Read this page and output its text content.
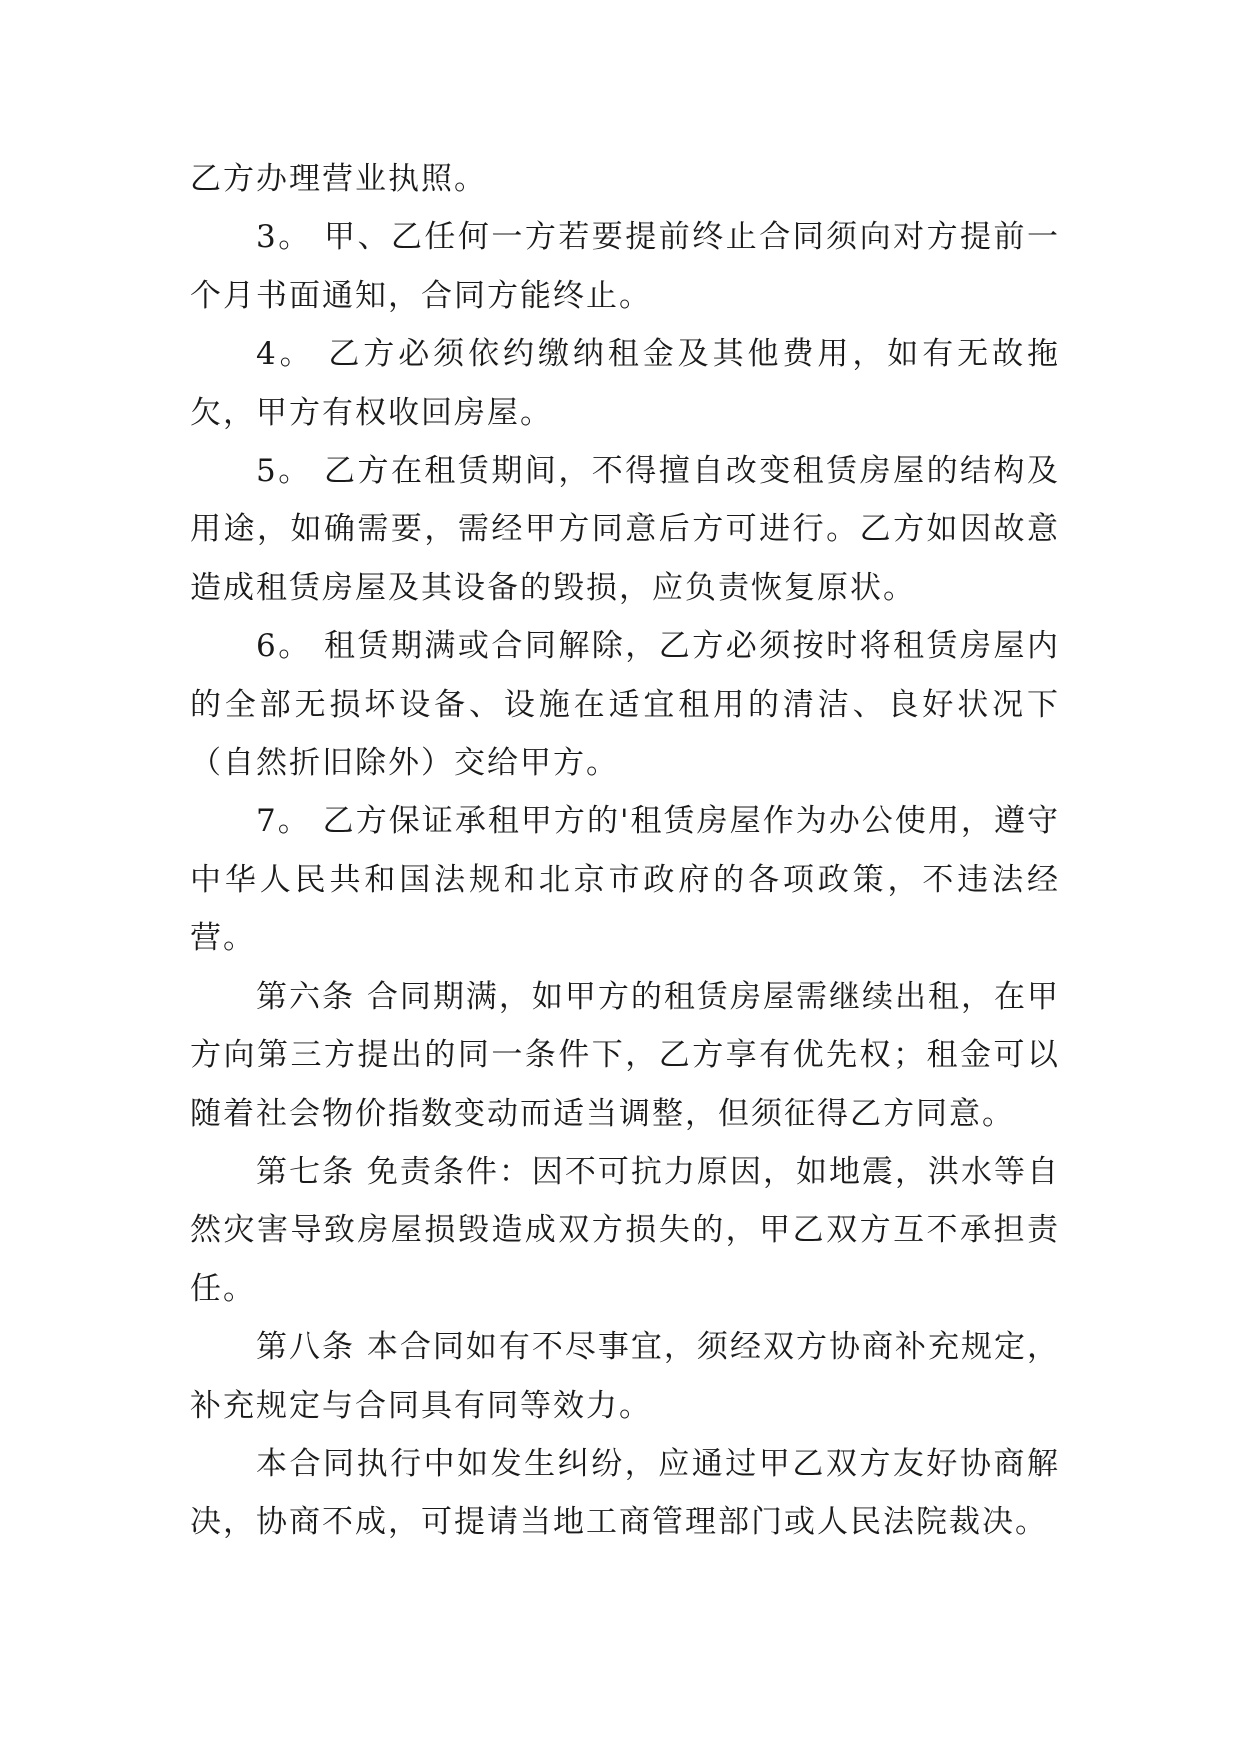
乙方办理营业执照。

3。 甲、乙任何一方若要提前终止合同须向对方提前一个月书面通知，合同方能终止。

4。 乙方必须依约缴纳租金及其他费用，如有无故拖欠，甲方有权收回房屋。

5。 乙方在租赁期间，不得擅自改变租赁房屋的结构及用途，如确需要，需经甲方同意后方可进行。乙方如因故意造成租赁房屋及其设备的毁损，应负责恢复原状。

6。 租赁期满或合同解除，乙方必须按时将租赁房屋内的全部无损坏设备、设施在适宜租用的清洁、良好状况下（自然折旧除外）交给甲方。

7。 乙方保证承租甲方的'租赁房屋作为办公使用，遵守中华人民共和国法规和北京市政府的各项政策，不违法经营。

第六条 合同期满，如甲方的租赁房屋需继续出租，在甲方向第三方提出的同一条件下，乙方享有优先权；租金可以随着社会物价指数变动而适当调整，但须征得乙方同意。

第七条 免责条件：因不可抗力原因，如地震，洪水等自然灾害导致房屋损毁造成双方损失的，甲乙双方互不承担责任。

第八条 本合同如有不尽事宜，须经双方协商补充规定，补充规定与合同具有同等效力。

本合同执行中如发生纠纷，应通过甲乙双方友好协商解决，协商不成，可提请当地工商管理部门或人民法院裁决。
